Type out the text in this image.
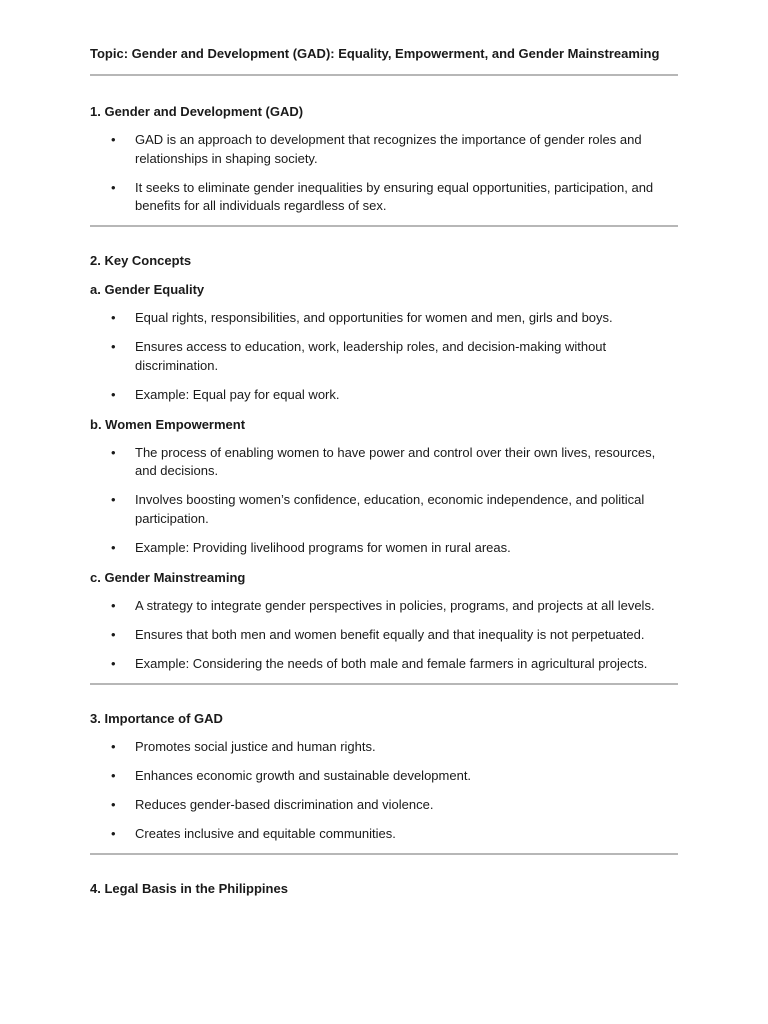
Topic: Gender and Development (GAD): Equality, Empowerment, and Gender Mainstreaming

1. Gender and Development (GAD)

• GAD is an approach to development that recognizes the importance of gender roles and relationships in shaping society.
• It seeks to eliminate gender inequalities by ensuring equal opportunities, participation, and benefits for all individuals regardless of sex.

2. Key Concepts

a. Gender Equality

• Equal rights, responsibilities, and opportunities for women and men, girls and boys.
• Ensures access to education, work, leadership roles, and decision-making without discrimination.
• Example: Equal pay for equal work.

b. Women Empowerment

• The process of enabling women to have power and control over their own lives, resources, and decisions.
• Involves boosting women’s confidence, education, economic independence, and political participation.
• Example: Providing livelihood programs for women in rural areas.

c. Gender Mainstreaming

• A strategy to integrate gender perspectives in policies, programs, and projects at all levels.
• Ensures that both men and women benefit equally and that inequality is not perpetuated.
• Example: Considering the needs of both male and female farmers in agricultural projects.

3. Importance of GAD

• Promotes social justice and human rights.
• Enhances economic growth and sustainable development.
• Reduces gender-based discrimination and violence.
• Creates inclusive and equitable communities.

4. Legal Basis in the Philippines
